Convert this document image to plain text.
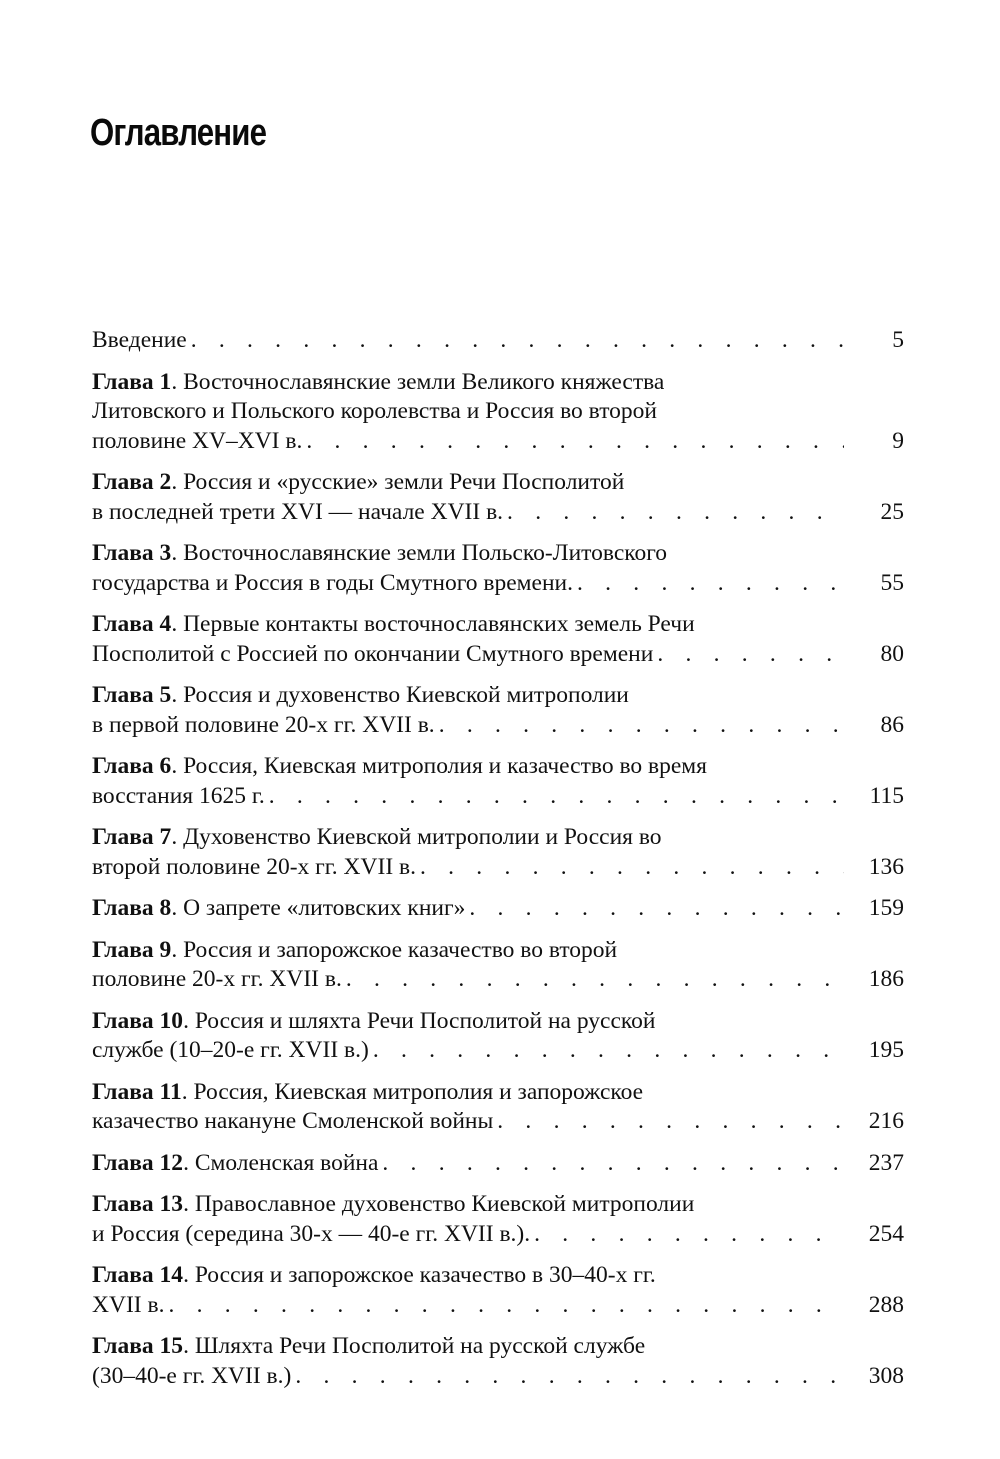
Оглавление
Введение . . .	5
Глава 1. Восточнославянские земли Великого княжества
Литовского и Польского королевства и Россия во второй
половине XV–XVI в. . . .	9
Глава 2. Россия и «русские» земли Речи Посполитой
в последней трети XVI — начале XVII в. . . .	25
Глава 3. Восточнославянские земли Польско-Литовского
государства и Россия в годы Смутного времени. . . .	55
Глава 4. Первые контакты восточнославянских земель Речи
Посполитой с Россией по окончании Смутного времени . . .	80
Глава 5. Россия и духовенство Киевской митрополии
в первой половине 20-х гг. XVII в. . . .	86
Глава 6. Россия, Киевская митрополия и казачество во время
восстания 1625 г. . . .	115
Глава 7. Духовенство Киевской митрополии и Россия во
второй половине 20-х гг. XVII в. . . .	136
Глава 8. О запрете «литовских книг» . . .	159
Глава 9. Россия и запорожское казачество во второй
половине 20-х гг. XVII в. . . .	186
Глава 10. Россия и шляхта Речи Посполитой на русской
службе (10–20-е гг. XVII в.) . . .	195
Глава 11. Россия, Киевская митрополия и запорожское
казачество накануне Смоленской войны . . .	216
Глава 12. Смоленская война . . .	237
Глава 13. Православное духовенство Киевской митрополии
и Россия (середина 30-х — 40-е гг. XVII в.). . . .	254
Глава 14. Россия и запорожское казачество в 30–40-х гг.
XVII в. . . .	288
Глава 15. Шляхта Речи Посполитой на русской службе
(30–40-е гг. XVII в.) . . .	308
